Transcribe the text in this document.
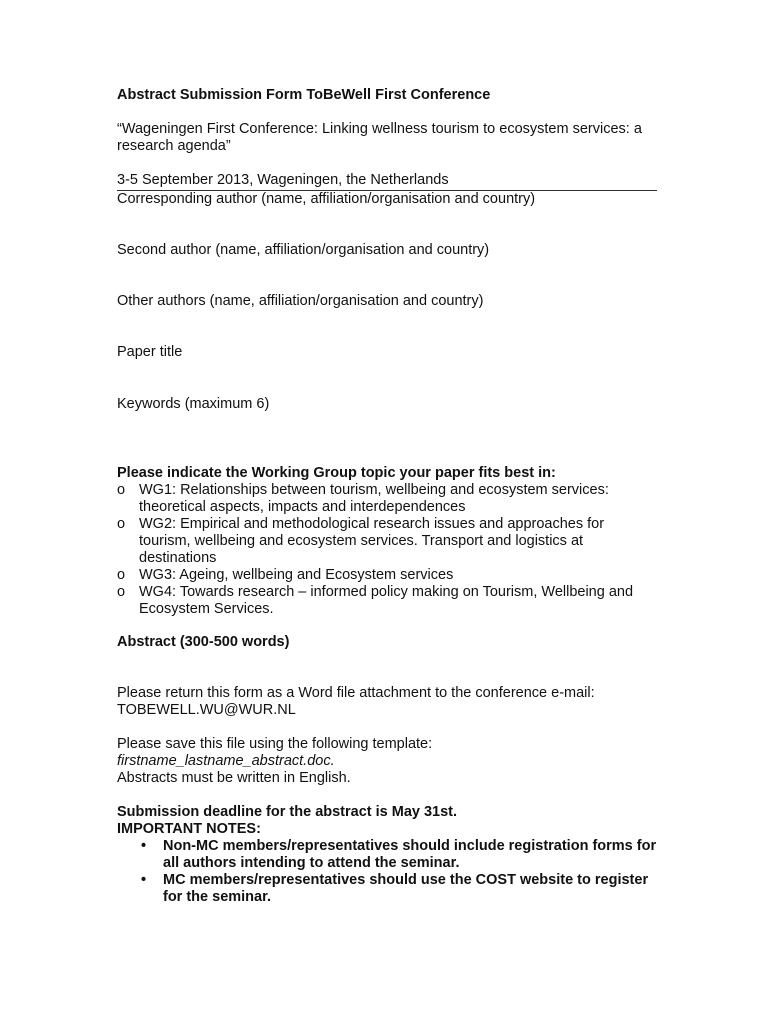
Abstract Submission Form ToBeWell First Conference

“Wageningen First Conference: Linking wellness tourism to ecosystem services: a research agenda”

3-5 September 2013, Wageningen, the Netherlands

Corresponding author (name, affiliation/organisation and country)

Second author (name, affiliation/organisation and country)

Other authors (name, affiliation/organisation and country)

Paper title

Keywords (maximum 6)

Please indicate the Working Group topic your paper fits best in:

o WG1: Relationships between tourism, wellbeing and ecosystem services: theoretical aspects, impacts and interdependences
o WG2: Empirical and methodological research issues and approaches for tourism, wellbeing and ecosystem services. Transport and logistics at destinations
o WG3: Ageing, wellbeing and Ecosystem services
o WG4: Towards research – informed policy making on Tourism, Wellbeing and Ecosystem Services.

Abstract (300-500 words)

Please return this form as a Word file attachment to the conference e-mail:

TOBEWELL.WU@WUR.NL

Please save this file using the following template:

firstname_lastname_abstract.doc.

Abstracts must be written in English.

Submission deadline for the abstract is May 31st.

IMPORTANT NOTES:

• Non-MC members/representatives should include registration forms for all authors intending to attend the seminar.
• MC members/representatives should use the COST website to register for the seminar.
